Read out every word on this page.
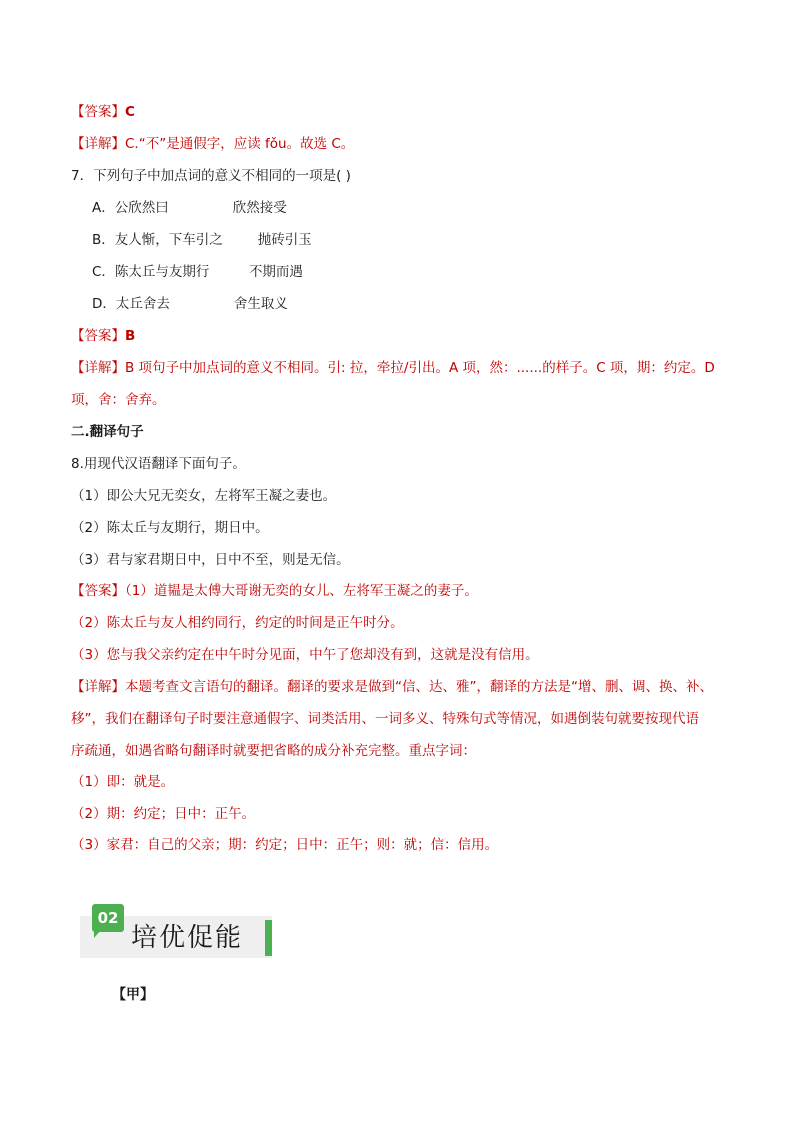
【答案】C
【详解】C.“不”是通假字，应读 fǒu。故选 C。
7．下列句子中加点词的意义不相同的一项是( )
A．公欣然曰	欣然接受
B．友人惭，下车引之	抛砖引玉
C．陈太丘与友期行	不期而遇
D．太丘舍去	舍生取义
【答案】B
【详解】B 项句子中加点词的意义不相同。引: 拉，牵拉/引出。A 项，然：......的样子。C 项，期：约定。D
项，舍：舍弃。
二.翻译句子
8.用现代汉语翻译下面句子。
（1）即公大兄无奕女，左将军王凝之妻也。
（2）陈太丘与友期行，期日中。
（3）君与家君期日中，日中不至，则是无信。
【答案】（1）道韫是太傅大哥谢无奕的女儿、左将军王凝之的妻子。
（2）陈太丘与友人相约同行，约定的时间是正午时分。
（3）您与我父亲约定在中午时分见面，中午了您却没有到，这就是没有信用。
【详解】本题考查文言语句的翻译。翻译的要求是做到“信、达、雅”，翻译的方法是“增、删、调、换、补、
移”，我们在翻译句子时要注意通假字、词类活用、一词多义、特殊句式等情况，如遇倒装句就要按现代语
序疏通，如遇省略句翻译时就要把省略的成分补充完整。重点字词：
（1）即：就是。
（2）期：约定；日中：正午。
（3）家君：自己的父亲；期：约定；日中：正午；则：就；信：信用。
02
培优促能
【甲】
